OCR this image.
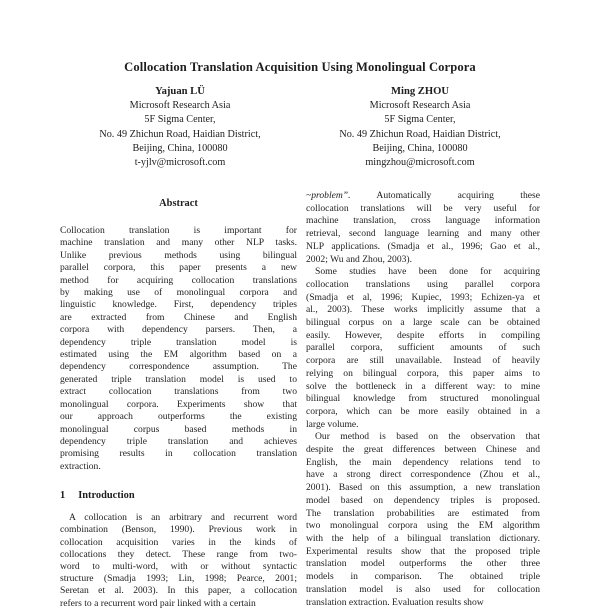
Collocation Translation Acquisition Using Monolingual Corpora
Yajuan LÜ
Microsoft Research Asia
5F Sigma Center,
No. 49 Zhichun Road, Haidian District,
Beijing, China, 100080
t-yjlv@microsoft.com
Ming ZHOU
Microsoft Research Asia
5F Sigma Center,
No. 49 Zhichun Road, Haidian District,
Beijing, China, 100080
mingzhou@microsoft.com
Abstract
Collocation translation is important for
machine translation and many other NLP tasks.
Unlike previous methods using bilingual
parallel corpora, this paper presents a new
method for acquiring collocation translations
by making use of monolingual corpora and
linguistic knowledge. First, dependency triples
are extracted from Chinese and English
corpora with dependency parsers. Then, a
dependency triple translation model is
estimated using the EM algorithm based on a
dependency correspondence assumption. The
generated triple translation model is used to
extract collocation translations from two
monolingual corpora. Experiments show that
our approach outperforms the existing
monolingual corpus based methods in
dependency triple translation and achieves
promising results in collocation translation
extraction.
1 Introduction
A collocation is an arbitrary and recurrent word
combination (Benson, 1990). Previous work in
collocation acquisition varies in the kinds of
collocations they detect. These range from two-
word to multi-word, with or without syntactic
structure (Smadja 1993; Lin, 1998; Pearce, 2001;
Seretan et al. 2003). In this paper, a collocation
refers to a recurrent word pair linked with a certain
~problem”. Automatically acquiring these
collocation translations will be very useful for
machine translation, cross language information
retrieval, second language learning and many other
NLP applications. (Smadja et al., 1996; Gao et al.,
2002; Wu and Zhou, 2003).
Some studies have been done for acquiring
collocation translations using parallel corpora
(Smadja et al, 1996; Kupiec, 1993; Echizen-ya et
al., 2003). These works implicitly assume that a
bilingual corpus on a large scale can be obtained
easily. However, despite efforts in compiling
parallel corpora, sufficient amounts of such
corpora are still unavailable. Instead of heavily
relying on bilingual corpora, this paper aims to
solve the bottleneck in a different way: to mine
bilingual knowledge from structured monolingual
corpora, which can be more easily obtained in a
large volume.
Our method is based on the observation that
despite the great differences between Chinese and
English, the main dependency relations tend to
have a strong direct correspondence (Zhou et al.,
2001). Based on this assumption, a new translation
model based on dependency triples is proposed.
The translation probabilities are estimated from
two monolingual corpora using the EM algorithm
with the help of a bilingual translation dictionary.
Experimental results show that the proposed triple
translation model outperforms the other three
models in comparison. The obtained triple
translation model is also used for collocation
translation extraction. Evaluation results show
